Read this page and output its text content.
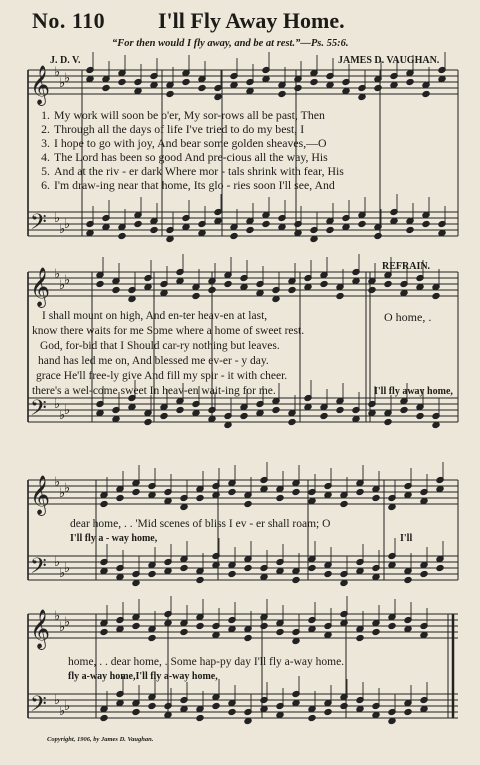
𝄞
𝄢
𝄞
𝄢
𝄞
𝄢
𝄞
𝄢
♭
♭
♭
♭
♭
♭
♭
♭
♭
♭
♭
♭
♭
♭
♭
♭
♭
♭
♭
♭
♭
♭
♭
♭
No. 110 I'll Fly Away Home.
“For then would I fly away, and be at rest.”—Ps. 55:6.
J. D. V.	JAMES D. VAUGHAN.
1. My work will soon be o'er, My sor-rows all be past, Then
2. Through all the days of life I've tried to do my best, I
3. I hope to go with joy, And bear some golden sheaves,—O
4. The Lord has been so good And pre-cious all the way, His
5. And at the riv - er dark Where mor - tals shrink with fear, His
6. I'm draw-ing near that home, Its glo - ries soon I'll see, And
REFRAIN.
I shall mount on high, And en-ter heav-en at last,
know there waits for me Some where a home of sweet rest.
God, for-bid that I Should car-ry nothing but leaves.
hand has led me on, And blessed me ev-er - y day.
grace He'll free-ly give And fill my spir - it with cheer.
there's a wel-come sweet In heav-en wait-ing for me.
O home, .
I'll fly away home,
dear home, . . 'Mid scenes of bliss I ev - er shall roam; O
I'll fly a - way home,	I'll
home, . . dear home, . Some hap-py day I'll fly a-way home.
fly a-way home,I'll fly a-way home,
Copyright, 1906, by James D. Vaughan.
